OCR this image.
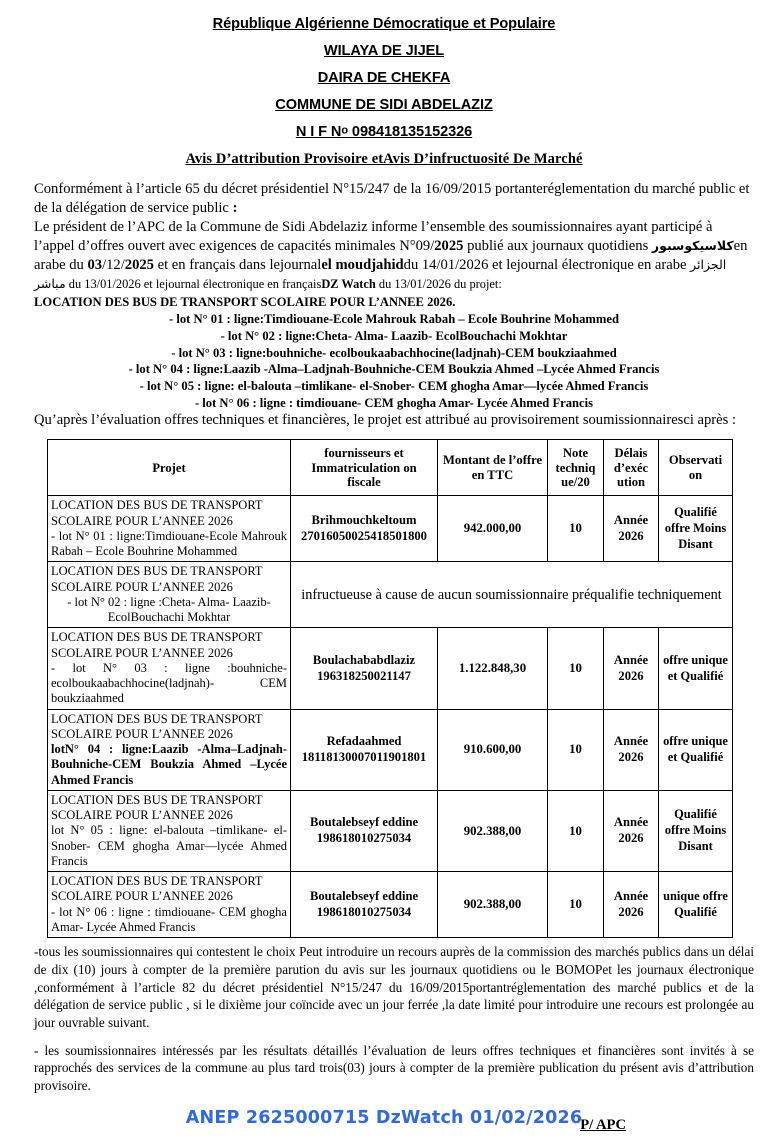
République Algérienne Démocratique et Populaire
WILAYA DE JIJEL
DAIRA DE CHEKFA
COMMUNE DE SIDI ABDELAZIZ
N I F $N^o$ 098418135152326
Avis D’attribution Provisoire etAvis D’infructuosité De Marché

Conformément à l’article 65 du décret présidentiel N°15/247 de la 16/09/2015 portanteréglementation du marché public et de la délégation de service public :

Le président de l’APC de la Commune de Sidi Abdelaziz informe l’ensemble des soumissionnaires ayant participé à l’appel d’offres ouvert avec exigences de capacités minimales N°09/2025 publié aux journaux quotidiens كلاسيكوسبورen arabe du 03/12/2025 et en français dans lejournalel moudjahiddu 14/01/2026 et lejournal électronique en arabe الجزائر مباشر du 13/01/2026 et lejournal électronique en françaisDZ Watch du 13/01/2026 du projet:

LOCATION DES BUS DE TRANSPORT SCOLAIRE POUR L’ANNEE 2026.
- lot N° 01 : ligne:Timdiouane-Ecole Mahrouk Rabah – Ecole Bouhrine Mohammed
- lot N° 02 : ligne:Cheta- Alma- Laazib- EcolBouchachi Mokhtar
- lot N° 03 : ligne:bouhniche- ecolboukaabachhocine(ladjnah)-CEM boukziaahmed
- lot N° 04 : ligne:Laazib -Alma–Ladjnah-Bouhniche-CEM Boukzia Ahmed –Lycée Ahmed Francis
- lot N° 05 : ligne: el-balouta –timlikane- el-Snober- CEM ghogha Amar—lycée Ahmed Francis
- lot N° 06 : ligne : timdiouane- CEM ghogha Amar- Lycée Ahmed Francis

Qu’après l’évaluation offres techniques et financières, le projet est attribué au provisoirement soumissionnairesci après :

Projet	fournisseurs et Immatriculation on fiscale	Montant de l’offre en TTC	Note techniq ue/20	Délais d’exéc ution	Observati on

LOCATION DES BUS DE TRANSPORT
SCOLAIRE POUR L’ANNEE 2026
- lot N° 01 : ligne:Timdiouane-Ecole Mahrouk Rabah – Ecole Bouhrine Mohammed	Brihmouchkeltoum 27016050025418501800	942.000,00	10	Année 2026	Qualifié offre Moins Disant

LOCATION DES BUS DE TRANSPORT
SCOLAIRE POUR L’ANNEE 2026
- lot N° 02 : ligne :Cheta- Alma- Laazib- EcolBouchachi Mokhtar	infructueuse à cause de aucun soumissionnaire préqualifie techniquement				

LOCATION DES BUS DE TRANSPORT
SCOLAIRE POUR L’ANNEE 2026
- lot N° 03 : ligne :bouhniche- ecolboukaabachhocine(ladjnah)- CEM boukziaahmed	Boulachababdlaziz 196318250021147	1.122.848,30	10	Année 2026	offre unique et Qualifié

LOCATION DES BUS DE TRANSPORT
SCOLAIRE POUR L’ANNEE 2026
lotN° 04 : ligne:Laazib -Alma–Ladjnah-Bouhniche-CEM Boukzia Ahmed –Lycée Ahmed Francis	Refadaahmed 18118130007011901801	910.600,00	10	Année 2026	offre unique et Qualifié

LOCATION DES BUS DE TRANSPORT
SCOLAIRE POUR L’ANNEE 2026
lot N° 05 : ligne: el-balouta –timlikane- el-Snober- CEM ghogha Amar—lycée Ahmed Francis	Boutalebseyf eddine 198618010275034	902.388,00	10	Année 2026	Qualifié offre Moins Disant

LOCATION DES BUS DE TRANSPORT
SCOLAIRE POUR L’ANNEE 2026
- lot N° 06 : ligne : timdiouane- CEM ghogha Amar- Lycée Ahmed Francis	Boutalebseyf eddine 198618010275034	902.388,00	10	Année 2026	unique offre Qualifié

-tous les soumissionnaires qui contestent le choix Peut introduire un recours auprès de la commission des marchés publics dans un délai de dix (10) jours à compter de la première parution du avis sur les journaux quotidiens ou le BOMOPet les journaux électronique ,conformément à l’article 82 du décret présidentiel N°15/247 du 16/09/2015portantréglementation des marché publics et de la délégation de service public , si le dixième jour coïncide avec un jour ferrée ,la date limité pour introduire une recours est prolongée au jour ouvrable suivant.

- les soumissionnaires intéressés par les résultats détaillés l’évaluation de leurs offres techniques et financières sont invités à se rapprochés des services de la commune au plus tard trois(03) jours à compter de la première publication du présent avis d’attribution provisoire.

P/ APC
ANEP 2625000715 DzWatch 01/02/2026
